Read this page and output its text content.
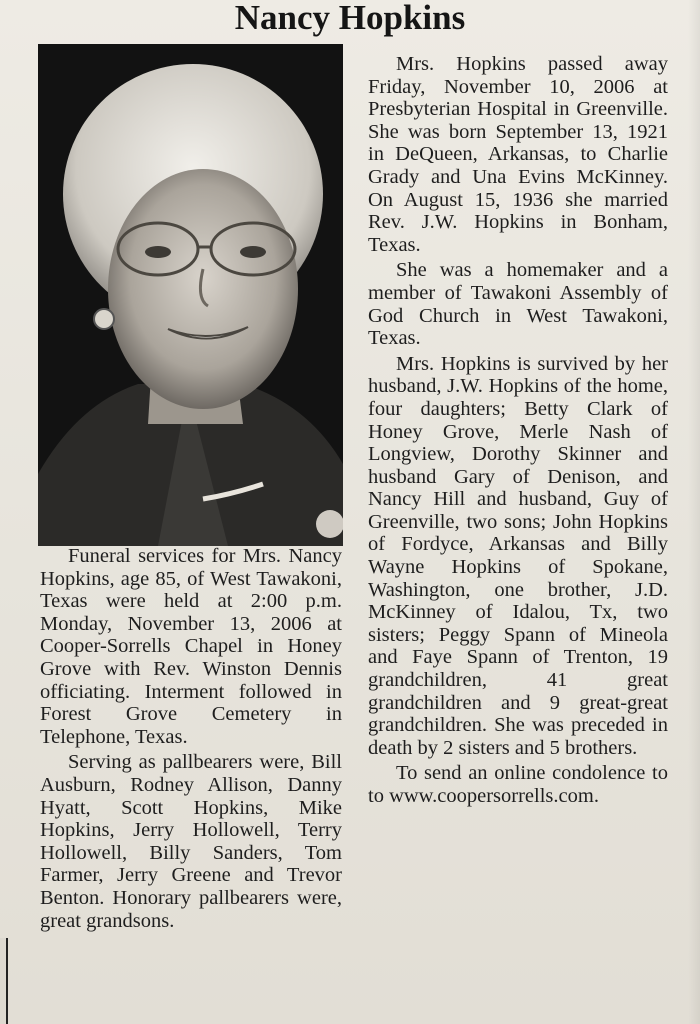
Nancy Hopkins

Funeral services for Mrs. Nancy Hopkins, age 85, of West Tawakoni, Texas were held at 2:00 p.m. Monday, November 13, 2006 at Cooper-Sorrells Chapel in Honey Grove with Rev. Winston Dennis officiating. Interment followed in Forest Grove Cemetery in Telephone, Texas.

Serving as pallbearers were, Bill Ausburn, Rodney Allison, Danny Hyatt, Scott Hopkins, Mike Hopkins, Jerry Hollowell, Terry Hollowell, Billy Sanders, Tom Farmer, Jerry Greene and Trevor Benton. Honorary pallbearers were, great grandsons.

Mrs. Hopkins passed away Friday, November 10, 2006 at Presbyterian Hospital in Greenville. She was born September 13, 1921 in DeQueen, Arkansas, to Charlie Grady and Una Evins McKinney. On August 15, 1936 she married Rev. J.W. Hopkins in Bonham, Texas.

She was a homemaker and a member of Tawakoni Assembly of God Church in West Tawakoni, Texas.

Mrs. Hopkins is survived by her husband, J.W. Hopkins of the home, four daughters; Betty Clark of Honey Grove, Merle Nash of Longview, Dorothy Skinner and husband Gary of Denison, and Nancy Hill and husband, Guy of Greenville, two sons; John Hopkins of Fordyce, Arkansas and Billy Wayne Hopkins of Spokane, Washington, one brother, J.D. McKinney of Idalou, Tx, two sisters; Peggy Spann of Mineola and Faye Spann of Trenton, 19 grandchildren, 41 great grandchildren and 9 great-great grandchildren. She was preceded in death by 2 sisters and 5 brothers.

To send an online condolence to to www.coopersorrells.com.
